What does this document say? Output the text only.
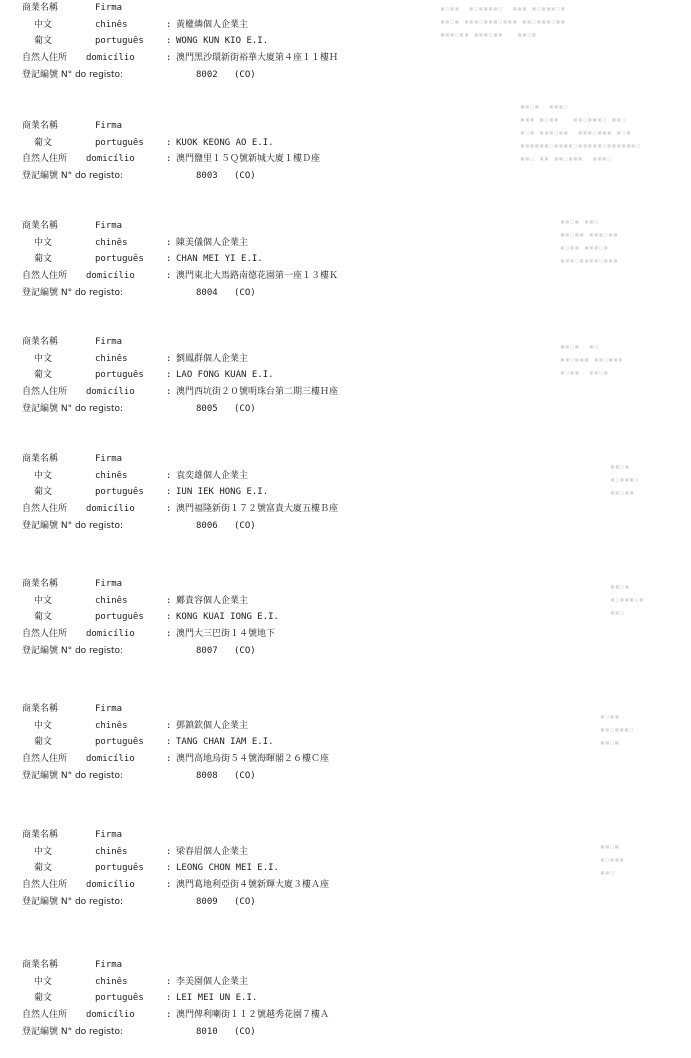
▪▫▪▪  ▪▫▪▪▪▪▫  ▪▪▪ ▪▫▪▪▪▫▪
▪▪▫▪ ▪▪▪▫▪▪▪▫▪▪▪ ▪▪▫▪▪▪▫▪▪
▪▪▪▫▪▪ ▪▪▪▫▪▪   ▪▪▫▪
▪▪▫▪  ▪▪▪▫
▪▪▪ ▪▫▪▪   ▪▪▫▪▪▪▫ ▪▪▫
▪▫▪ ▪▪▪▫▪▪  ▪▪▪▫▪▪▪ ▪▫▪
▪▪▪▪▪▪▫▪▪▪▪▫▪▪▪▪▪▫▪▪▪▪▪▪▫
▪▪▫ ▪▪ ▪▪▫▪▪▪  ▪▪▪▫
▪▪▫▪ ▪▪▫
▪▪▫▪▪ ▪▪▪▫▪▪
▪▫▪▪ ▪▪▪▫▪
▪▪▪▫▪▪▪▪▫▪▪▪
▪▪▫▪  ▪▫
▪▪▫▪▪▪ ▪▪▫▪▪▪
▪▫▪▪  ▪▪▫▪
▪▪▫▪
▪▫▪▪▪▫
▪▪▫▪▪
▪▪▫▪
▪▫▪▪▪▫▪
▪▪▫
▪▫▪▪
▪▪▫▪▪▪▫
▪▪▫▪
▪▪▫▪
▪▫▪▪▪
▪▪▫
商業名稱	Firma
中文	chinês	: 黃權燐個人企業主
葡文	português : WONG KUN KIO E.I.
自然人住所 domicílio	: 澳門黑沙環新街裕華大廈第４座１１樓Ｈ
登記編號 N° do registo:	8002 (CO)
商業名稱	Firma
葡文	português : KUOK KEONG AO E.I.
自然人住所 domicílio	: 澳門鹽里１５Ｑ號新城大廈１樓Ｄ座
登記編號 N° do registo:	8003 (CO)
商業名稱	Firma
中文	chinês	: 陳美儀個人企業主
葡文	português : CHAN MEI YI E.I.
自然人住所 domicílio	: 澳門東北大馬路南德花園第一座１３樓Ｋ
登記編號 N° do registo:	8004 (CO)
商業名稱	Firma
中文	chinês	: 劉鳳群個人企業主
葡文	português : LAO FONG KUAN E.I.
自然人住所 domicílio	: 澳門西坑街２０號明珠台第二期三樓Ｈ座
登記編號 N° do registo:	8005 (CO)
商業名稱	Firma
中文	chinês	: 袁奕雄個人企業主
葡文	português : IUN IEK HONG E.I.
自然人住所 domicílio	: 澳門福隆新街１７２號富貴大廈五樓Ｂ座
登記編號 N° do registo:	8006 (CO)
商業名稱	Firma
中文	chinês	: 鄺貴容個人企業主
葡文	português : KONG KUAI IONG E.I.
自然人住所 domicílio	: 澳門大三巴街１４號地下
登記編號 N° do registo:	8007 (CO)
商業名稱	Firma
中文	chinês	: 鄧鎮欽個人企業主
葡文	português : TANG CHAN IAM E.I.
自然人住所 domicílio	: 澳門高地烏街５４號海暉閣２６樓Ｃ座
登記編號 N° do registo:	8008 (CO)
商業名稱	Firma
中文	chinês	: 梁春眉個人企業主
葡文	português : LEONG CHON MEI E.I.
自然人住所 domicílio	: 澳門葛地利亞街４號新輝大廈３樓Ａ座
登記編號 N° do registo:	8009 (CO)
商業名稱	Firma
中文	chinês	: 李美園個人企業主
葡文	português : LEI MEI UN E.I.
自然人住所 domicílio	: 澳門俾利喇街１１２號越秀花園７樓Ａ
登記編號 N° do registo:	8010 (CO)
